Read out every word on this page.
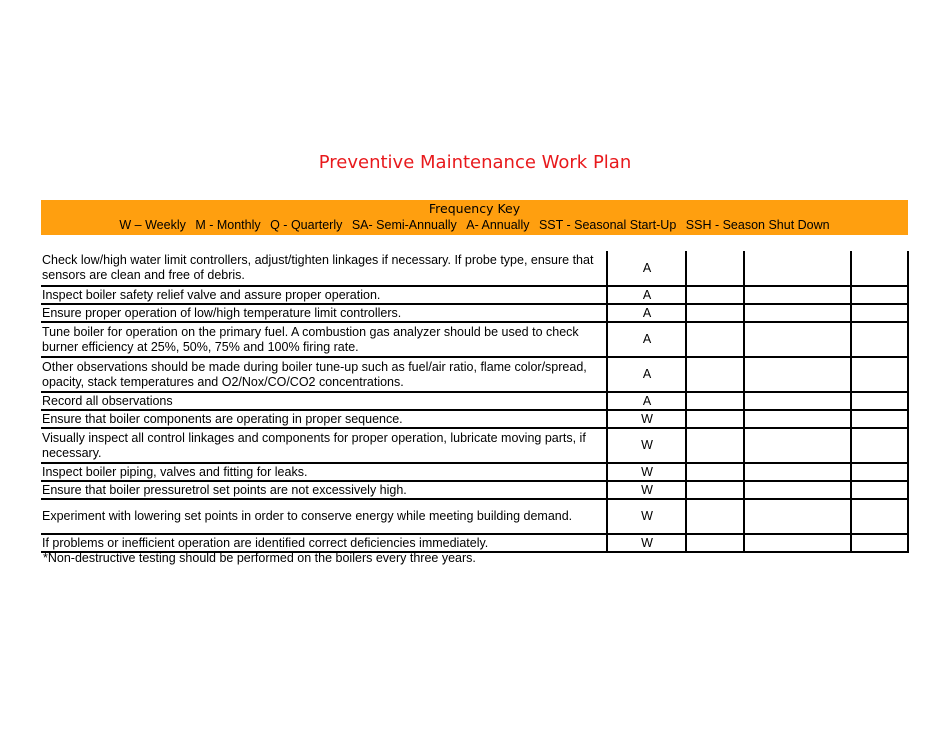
Preventive Maintenance Work Plan
Frequency Key
W – Weekly M - Monthly Q - Quarterly SA- Semi-Annually A- Annually SST - Seasonal Start-Up SSH - Season Shut Down
Check low/high water limit controllers, adjust/tighten linkages if necessary. If probe type, ensure that sensors are clean and free of debris.	A			
Inspect boiler safety relief valve and assure proper operation.	A			
Ensure proper operation of low/high temperature limit controllers.	A			
Tune boiler for operation on the primary fuel. A combustion gas analyzer should be used to check burner efficiency at 25%, 50%, 75% and 100% firing rate.	A			
Other observations should be made during boiler tune-up such as fuel/air ratio, flame color/spread, opacity, stack temperatures and O2/Nox/CO/CO2 concentrations.	A			
Record all observations	A			
Ensure that boiler components are operating in proper sequence.	W			
Visually inspect all control linkages and components for proper operation, lubricate moving parts, if necessary.	W			
Inspect boiler piping, valves and fitting for leaks.	W			
Ensure that boiler pressuretrol set points are not excessively high.	W			
Experiment with lowering set points in order to conserve energy while meeting building demand.	W			
If problems or inefficient operation are identified correct deficiencies immediately.	W			
*Non-destructive testing should be performed on the boilers every three years.
